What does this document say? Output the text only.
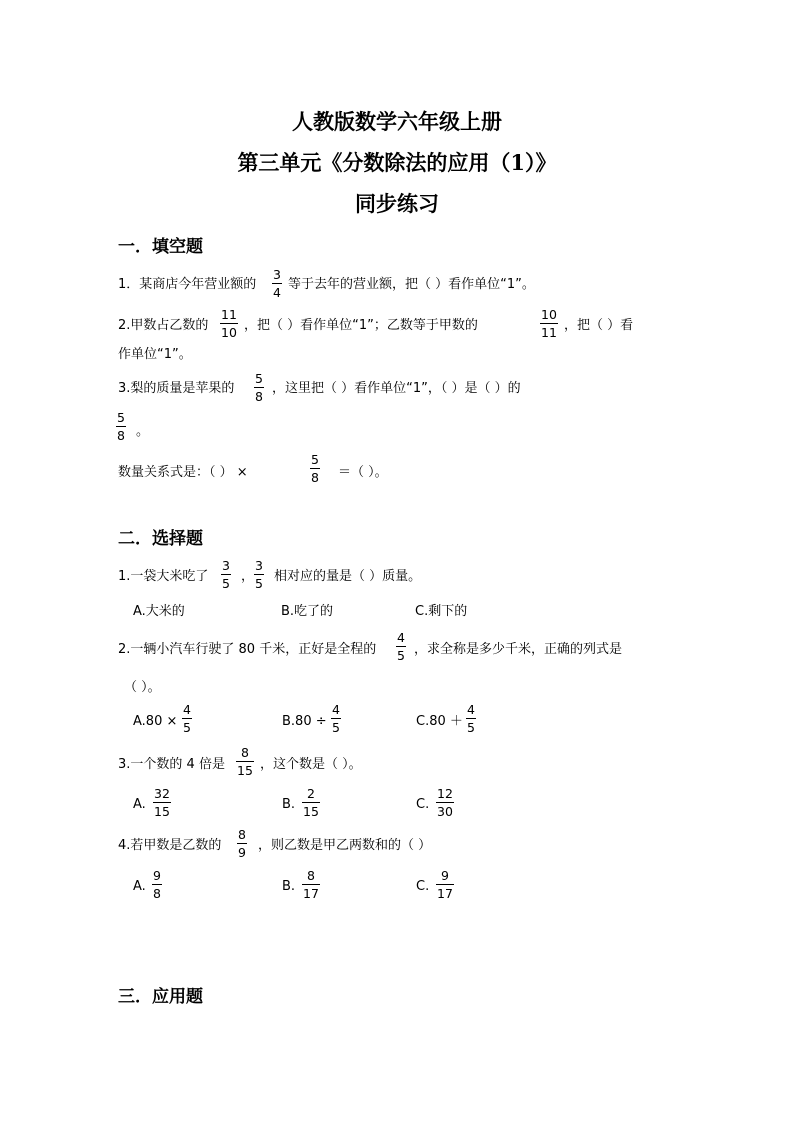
人教版数学六年级上册
第三单元《分数除法的应用（1）》
同步练习
一．填空题
1．某商店今年营业额的
3
4
等于去年的营业额，把（ ）看作单位“1”。
2.甲数占乙数的
11
10 ，把（ ）看作单位“1”；乙数等于甲数的
10
11 ，把（ ）看
作单位“1”。
3.梨的质量是苹果的
5
8
，这里把（ ）看作单位“1”，（ ）是（ ）的
5
8 。
数量关系式是：（ ） ×
5
8 ＝（ ）。
二．选择题
1.一袋大米吃了
3
5 ，
3
5 相对应的量是（ ）质量。
A.大米的	B.吃了的	C.剩下的
2.一辆小汽车行驶了 80 千米，正好是全程的
4
5 ，求全称是多少千米，正确的列式是
（ ）。
A.80 ×
4
5	B.80 ÷
4
5	C.80 ＋
4
5
3.一个数的 4 倍是
8
15 ，这个数是（ ）。
A.
32
15	B.
2
15	C.
12
30
4.若甲数是乙数的
8
9 ，则乙数是甲乙两数和的（ ）
A.
9
8	B.
8
17	C.
9
17
三．应用题
